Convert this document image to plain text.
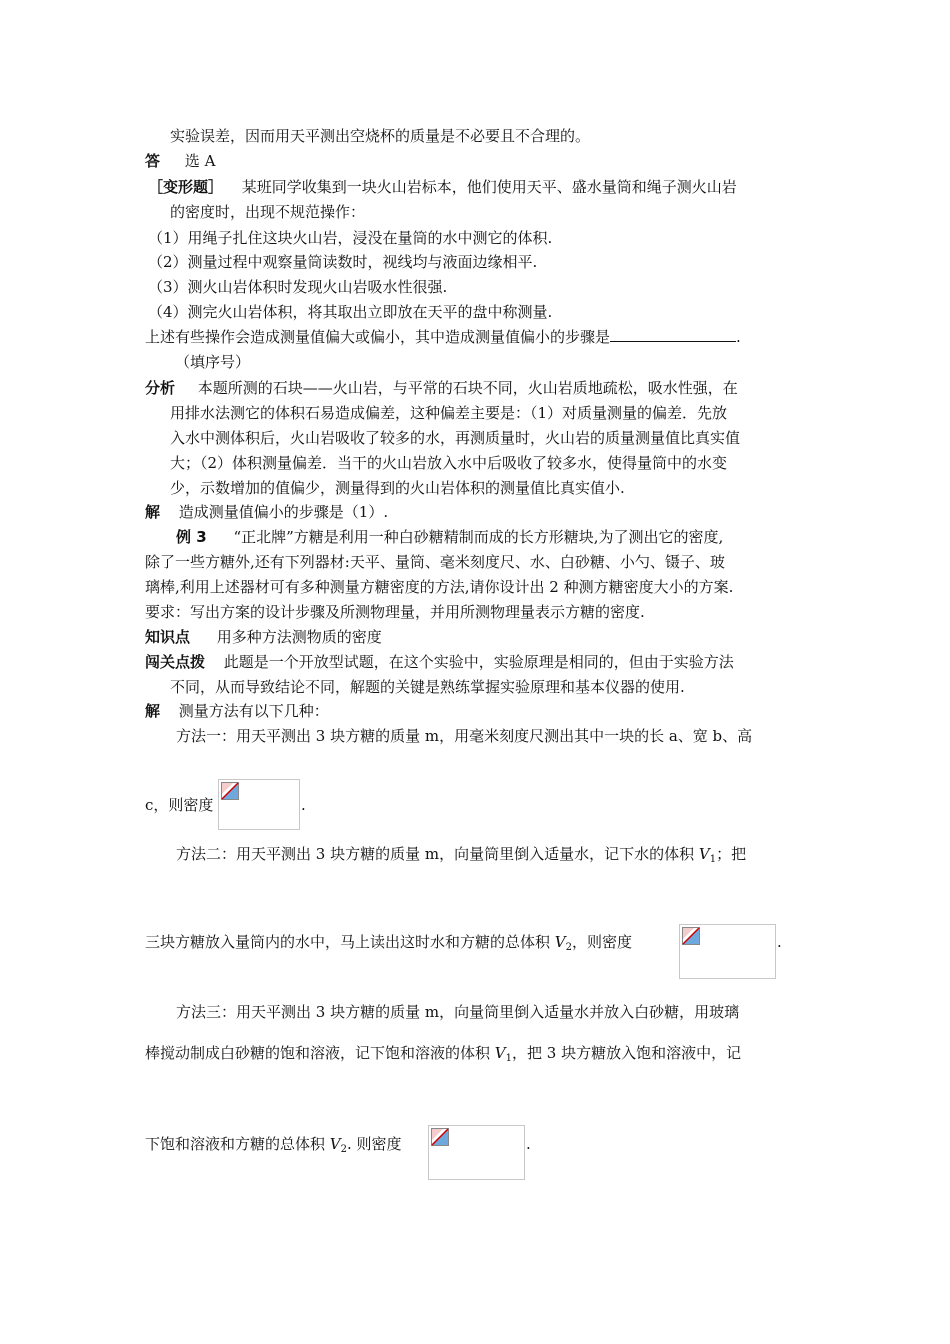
实验误差，因而用天平测出空烧杯的质量是不必要且不合理的。
答 选 A
［变形题］ 某班同学收集到一块火山岩标本，他们使用天平、盛水量筒和绳子测火山岩
的密度时，出现不规范操作：
（1）用绳子扎住这块火山岩，浸没在量筒的水中测它的体积.
（2）测量过程中观察量筒读数时，视线均与液面边缘相平.
（3）测火山岩体积时发现火山岩吸水性很强.
（4）测完火山岩体积，将其取出立即放在天平的盘中称测量.
上述有些操作会造成测量值偏大或偏小，其中造成测量值偏小的步骤是	.
（填序号）
分析 本题所测的石块——火山岩，与平常的石块不同，火山岩质地疏松，吸水性强，在
用排水法测它的体积石易造成偏差，这种偏差主要是：（1）对质量测量的偏差．先放
入水中测体积后，火山岩吸收了较多的水，再测质量时，火山岩的质量测量值比真实值
大；（2）体积测量偏差．当干的火山岩放入水中后吸收了较多水，使得量筒中的水变
少，示数增加的值偏少，测量得到的火山岩体积的测量值比真实值小.
解 造成测量值偏小的步骤是（1）.
例 3 “正北牌”方糖是利用一种白砂糖精制而成的长方形糖块,为了测出它的密度,
除了一些方糖外,还有下列器材:天平、量筒、毫米刻度尺、水、白砂糖、小勺、镊子、玻
璃棒,利用上述器材可有多种测量方糖密度的方法,请你设计出 2 种测方糖密度大小的方案.
要求：写出方案的设计步骤及所测物理量，并用所测物理量表示方糖的密度.
知识点 用多种方法测物质的密度
闯关点拨 此题是一个开放型试题，在这个实验中，实验原理是相同的，但由于实验方法
不同，从而导致结论不同，解题的关键是熟练掌握实验原理和基本仪器的使用.
解 测量方法有以下几种：
方法一：用天平测出 3 块方糖的质量 m，用毫米刻度尺测出其中一块的长 a、宽 b、高
c，则密度	.
方法二：用天平测出 3 块方糖的质量 m，向量筒里倒入适量水，记下水的体积 $V_1$；把
三块方糖放入量筒内的水中，马上读出这时水和方糖的总体积 $V_2$，则密度	.
方法三：用天平测出 3 块方糖的质量 m，向量筒里倒入适量水并放入白砂糖，用玻璃
棒搅动制成白砂糖的饱和溶液，记下饱和溶液的体积 $V_1$，把 3 块方糖放入饱和溶液中，记
下饱和溶液和方糖的总体积 $V_2$. 则密度	.
